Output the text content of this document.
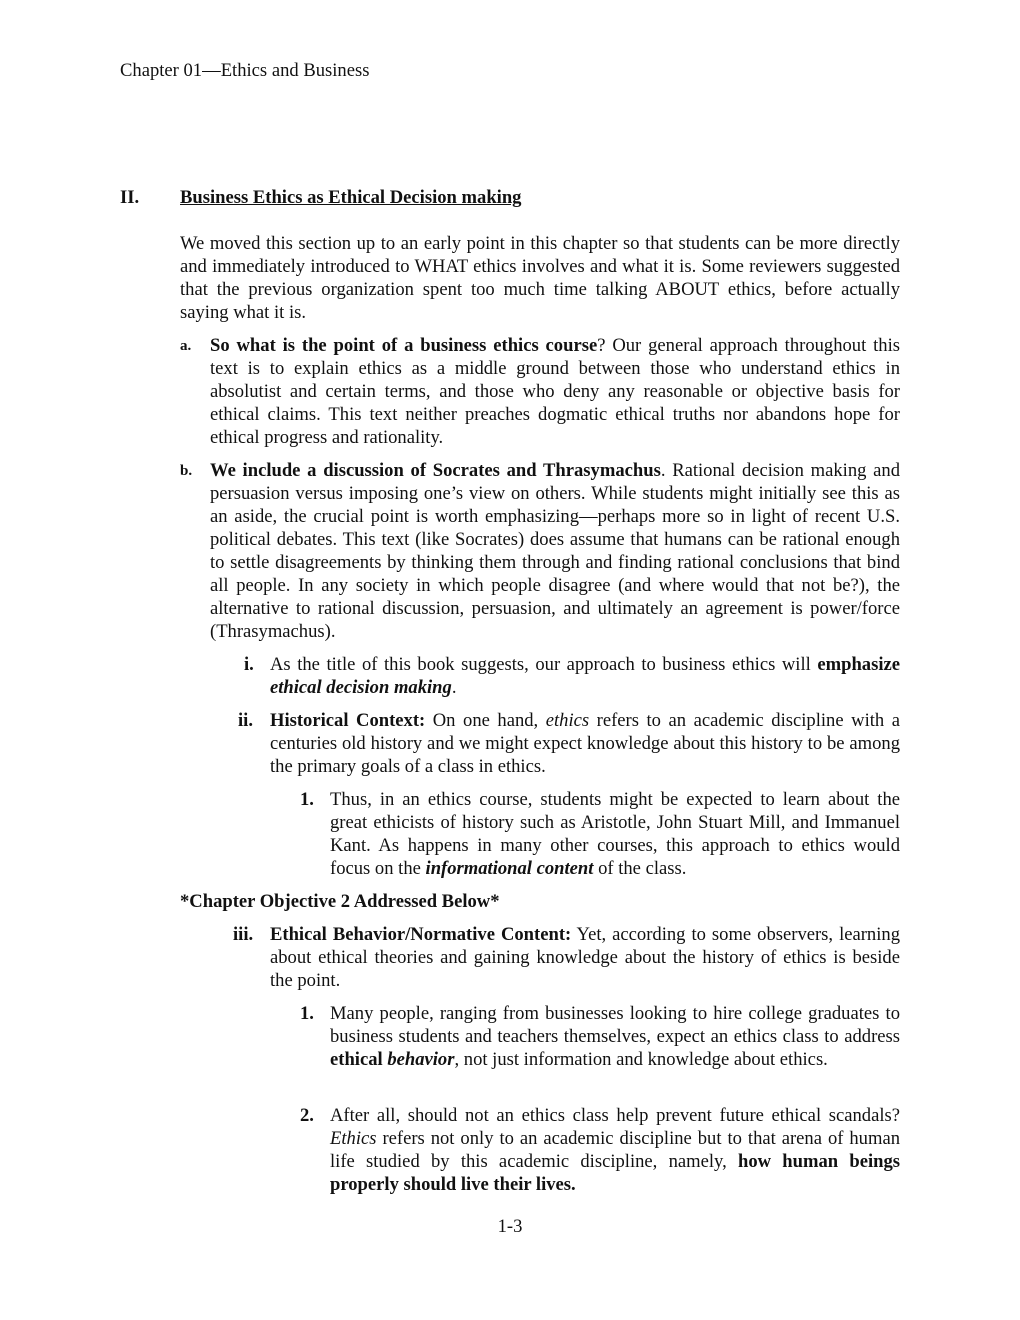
Chapter 01—Ethics and Business
II. Business Ethics as Ethical Decision making
We moved this section up to an early point in this chapter so that students can be more directly and immediately introduced to WHAT ethics involves and what it is. Some reviewers suggested that the previous organization spent too much time talking ABOUT ethics, before actually saying what it is.
a. So what is the point of a business ethics course? Our general approach throughout this text is to explain ethics as a middle ground between those who understand ethics in absolutist and certain terms, and those who deny any reasonable or objective basis for ethical claims. This text neither preaches dogmatic ethical truths nor abandons hope for ethical progress and rationality.
b. We include a discussion of Socrates and Thrasymachus. Rational decision making and persuasion versus imposing one’s view on others. While students might initially see this as an aside, the crucial point is worth emphasizing—perhaps more so in light of recent U.S. political debates. This text (like Socrates) does assume that humans can be rational enough to settle disagreements by thinking them through and finding rational conclusions that bind all people. In any society in which people disagree (and where would that not be?), the alternative to rational discussion, persuasion, and ultimately an agreement is power/force (Thrasymachus).
i. As the title of this book suggests, our approach to business ethics will emphasize ethical decision making.
ii. Historical Context: On one hand, ethics refers to an academic discipline with a centuries old history and we might expect knowledge about this history to be among the primary goals of a class in ethics.
1. Thus, in an ethics course, students might be expected to learn about the great ethicists of history such as Aristotle, John Stuart Mill, and Immanuel Kant. As happens in many other courses, this approach to ethics would focus on the informational content of the class.
*Chapter Objective 2 Addressed Below*
iii. Ethical Behavior/Normative Content: Yet, according to some observers, learning about ethical theories and gaining knowledge about the history of ethics is beside the point.
1. Many people, ranging from businesses looking to hire college graduates to business students and teachers themselves, expect an ethics class to address ethical behavior, not just information and knowledge about ethics.
2. After all, should not an ethics class help prevent future ethical scandals? Ethics refers not only to an academic discipline but to that arena of human life studied by this academic discipline, namely, how human beings properly should live their lives.
1-3
